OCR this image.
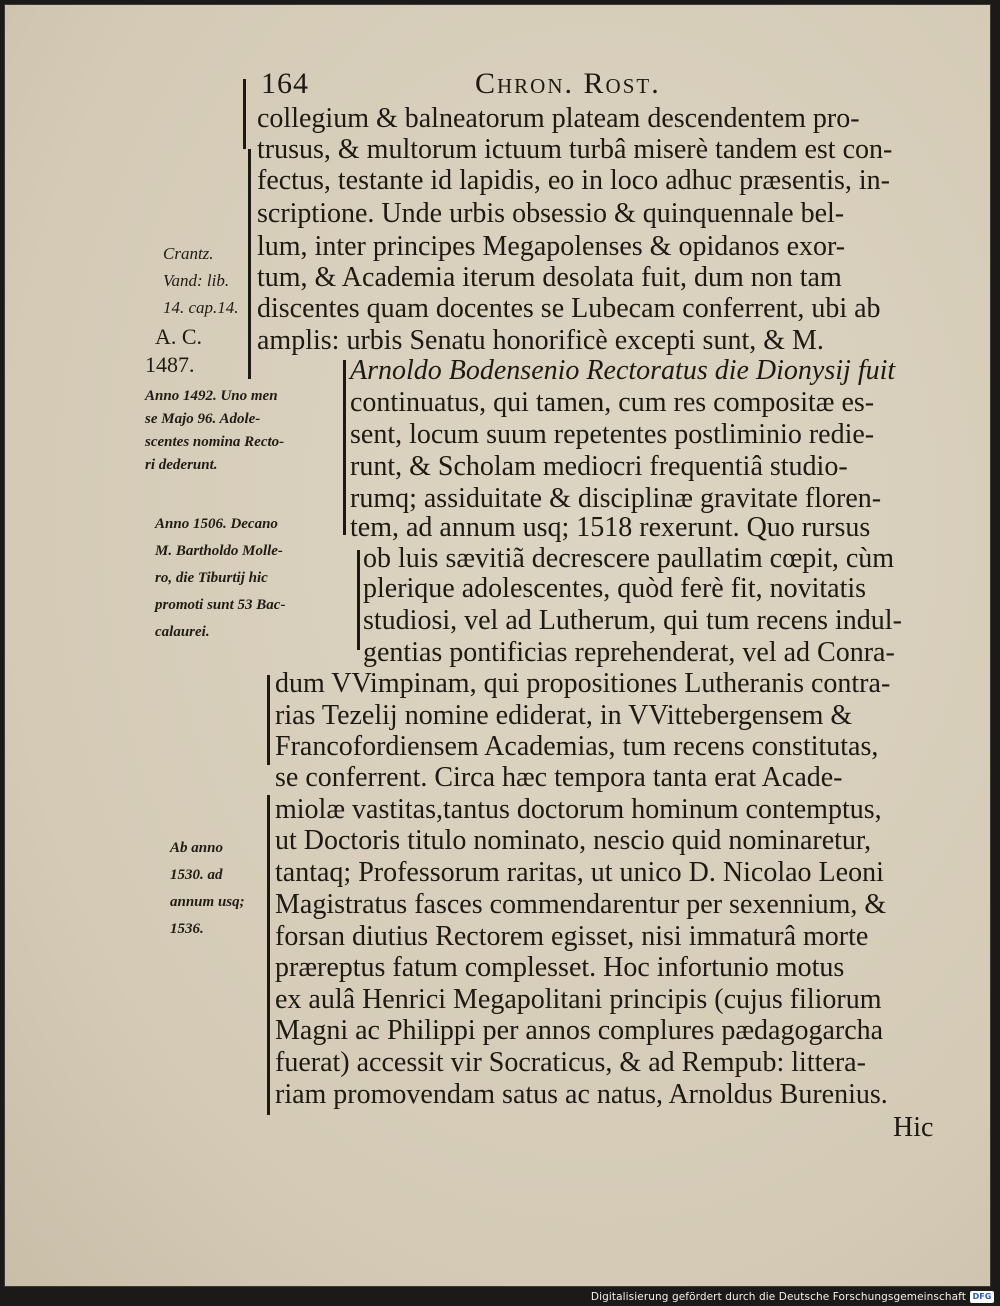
164	Chron. Rost.
collegium & balneatorum plateam descendentem pro-
trusus, & multorum ictuum turbâ miserè tandem est con-
fectus, testante id lapidis, eo in loco adhuc præsentis, in-
scriptione. Unde urbis obsessio & quinquennale bel-
lum, inter principes Megapolenses & opidanos exor-
tum, & Academia iterum desolata fuit, dum non tam
discentes quam docentes se Lubecam conferrent, ubi ab
amplis: urbis Senatu honorificè excepti sunt, & M.
Arnoldo Bodensenio Rectoratus die Dionysij fuit
continuatus, qui tamen, cum res compositæ es-
sent, locum suum repetentes postliminio redie-
runt, & Scholam mediocri frequentiâ studio-
rumq; assiduitate & disciplinæ gravitate floren-
tem, ad annum usq; 1518 rexerunt. Quo rursus
ob luis sævitiã decrescere paullatim cœpit, cùm
plerique adolescentes, quòd ferè fit, novitatis
studiosi, vel ad Lutherum, qui tum recens indul-
gentias pontificias reprehenderat, vel ad Conra-
dum VVimpinam, qui propositiones Lutheranis contra-
rias Tezelij nomine ediderat, in VVittebergensem &
Francofordiensem Academias, tum recens constitutas,
se conferrent. Circa hæc tempora tanta erat Acade-
miolæ vastitas,tantus doctorum hominum contemptus,
ut Doctoris titulo nominato, nescio quid nominaretur,
tantaq; Professorum raritas, ut unico D. Nicolao Leoni
Magistratus fasces commendarentur per sexennium, &
forsan diutius Rectorem egisset, nisi immaturâ morte
præreptus fatum complesset. Hoc infortunio motus
ex aulâ Henrici Megapolitani principis (cujus filiorum
Magni ac Philippi per annos complures pædagogarcha
fuerat) accessit vir Socraticus, & ad Rempub: littera-
riam promovendam satus ac natus, Arnoldus Burenius.
Hic
Crantz.
Vand: lib.
14. cap.14.
A. C.
1487.
Anno 1492. Uno men
se Majo 96. Adole-
scentes nomina Recto-
ri dederunt.
Anno 1506. Decano
M. Bartholdo Molle-
ro, die Tiburtij hic
promoti sunt 53 Bac-
calaurei.
Ab anno
1530. ad
annum usq;
1536.
Digitalisierung gefördert durch die Deutsche Forschungsgemeinschaft DFG
